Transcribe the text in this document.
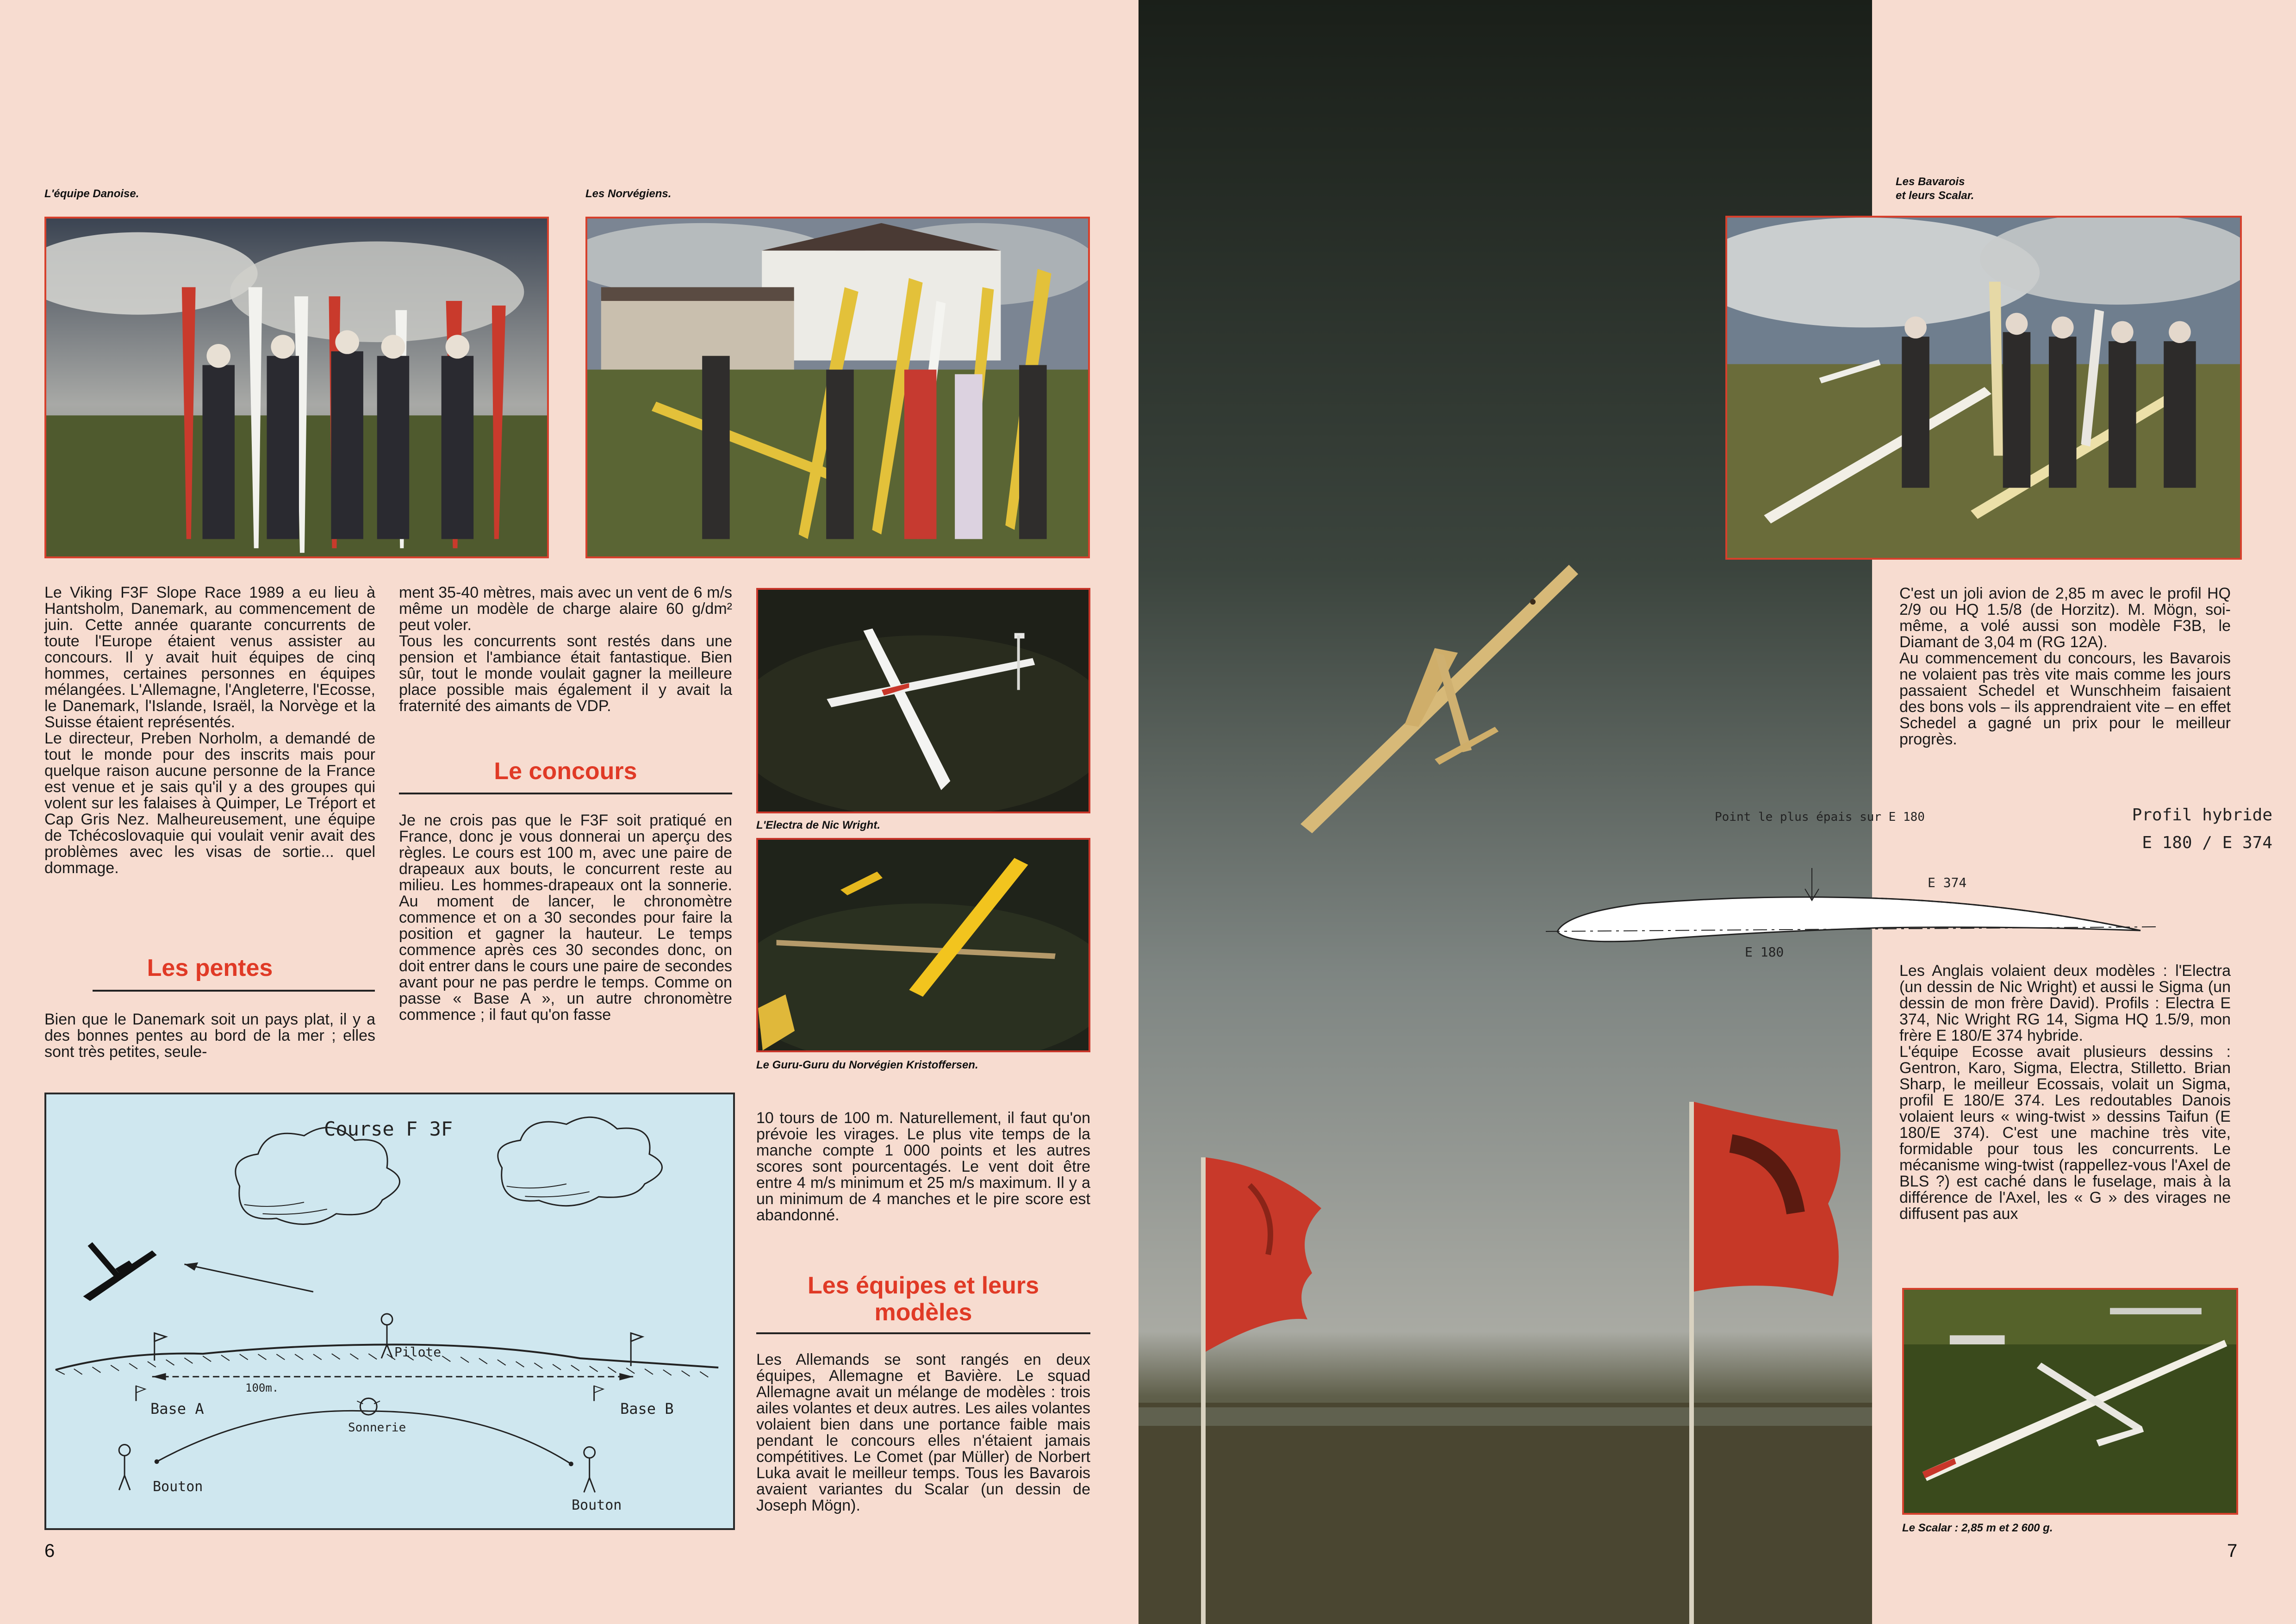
L'équipe Danoise.	Les Norvégiens.

Le Viking F3F Slope Race 1989 a eu lieu à Hantsholm, Danemark, au commencement de juin. Cette année quarante concurrents de toute l'Europe étaient venus assister au concours. Il y avait huit équipes de cinq hommes, certaines personnes en équipes mélangées. L'Allemagne, l'Angleterre, l'Ecosse, le Danemark, l'Islande, Israël, la Norvège et la Suisse étaient représentés.

Le directeur, Preben Norholm, a demandé de tout le monde pour des inscrits mais pour quelque raison aucune personne de la France est venue et je sais qu'il y a des groupes qui volent sur les falaises à Quimper, Le Tréport et Cap Gris Nez. Malheureusement, une équipe de Tchécoslovaquie qui voulait venir avait des problèmes avec les visas de sortie... quel dommage.

Les pentes
Bien que le Danemark soit un pays plat, il y a des bonnes pentes au bord de la mer ; elles sont très petites, seule-

ment 35-40 mètres, mais avec un vent de 6 m/s même un modèle de charge alaire 60 g/dm² peut voler.

Tous les concurrents sont restés dans une pension et l'ambiance était fantastique. Bien sûr, tout le monde voulait gagner la meilleure place possible mais également il y avait la fraternité des aimants de VDP.

Le concours
Je ne crois pas que le F3F soit pratiqué en France, donc je vous donnerai un aperçu des règles. Le cours est 100 m, avec une paire de drapeaux aux bouts, le concurrent reste au milieu. Les hommes-drapeaux ont la sonnerie. Au moment de lancer, le chronomètre commence et on a 30 secondes pour faire la position et gagner la hauteur. Le temps commence après ces 30 secondes donc, on doit entrer dans le cours une paire de secondes avant pour ne pas perdre le temps. Comme on passe « Base A », un autre chronomètre commence ; il faut qu'on fasse
L'Electra de Nic Wright.
Le Guru-Guru du Norvégien Kristoffersen.
Course F 3F
Pilote
100m.
Base A	Base B
Sonnerie
Bouton
Bouton
10 tours de 100 m. Naturellement, il faut qu'on prévoie les virages. Le plus vite temps de la manche compte 1 000 points et les autres scores sont pourcentagés. Le vent doit être entre 4 m/s minimum et 25 m/s maximum. Il y a un minimum de 4 manches et le pire score est abandonné.
Les équipes et leurs modèles
Les Allemands se sont rangés en deux équipes, Allemagne et Bavière. Le squad Allemagne avait un mélange de modèles : trois ailes volantes et deux autres. Les ailes volantes volaient bien dans une portance faible mais pendant le concours elles n'étaient jamais compétitives. Le Comet (par Müller) de Norbert Luka avait le meilleur temps. Tous les Bavarois avaient variantes du Scalar (un dessin de Joseph Mögn).
6
Les Bavarois
et leurs Scalar.

C'est un joli avion de 2,85 m avec le profil HQ 2/9 ou HQ 1.5/8 (de Horzitz). M. Mögn, soi-même, a volé aussi son modèle F3B, le Diamant de 3,04 m (RG 12A).

Au commencement du concours, les Bavarois ne volaient pas très vite mais comme les jours passaient Schedel et Wunschheim faisaient des bons vols – ils apprendraient vite – en effet Schedel a gagné un prix pour le meilleur progrès.

Point le plus épais sur E 180	Profil hybride
E 180 / E 374
E 374
E 180

Les Anglais volaient deux modèles : l'Electra (un dessin de Nic Wright) et aussi le Sigma (un dessin de mon frère David). Profils : Electra E 374, Nic Wright RG 14, Sigma HQ 1.5/9, mon frère E 180/E 374 hybride.

L'équipe Ecosse avait plusieurs dessins : Gentron, Karo, Sigma, Electra, Stilletto. Brian Sharp, le meilleur Ecossais, volait un Sigma, profil E 180/E 374. Les redoutables Danois volaient leurs « wing-twist » dessins Taifun (E 180/E 374). C'est une machine très vite, formidable pour tous les concurrents. Le mécanisme wing-twist (rappellez-vous l'Axel de BLS ?) est caché dans le fuselage, mais à la différence de l'Axel, les « G » des virages ne diffusent pas aux

Le Scalar : 2,85 m et 2 600 g.
7
